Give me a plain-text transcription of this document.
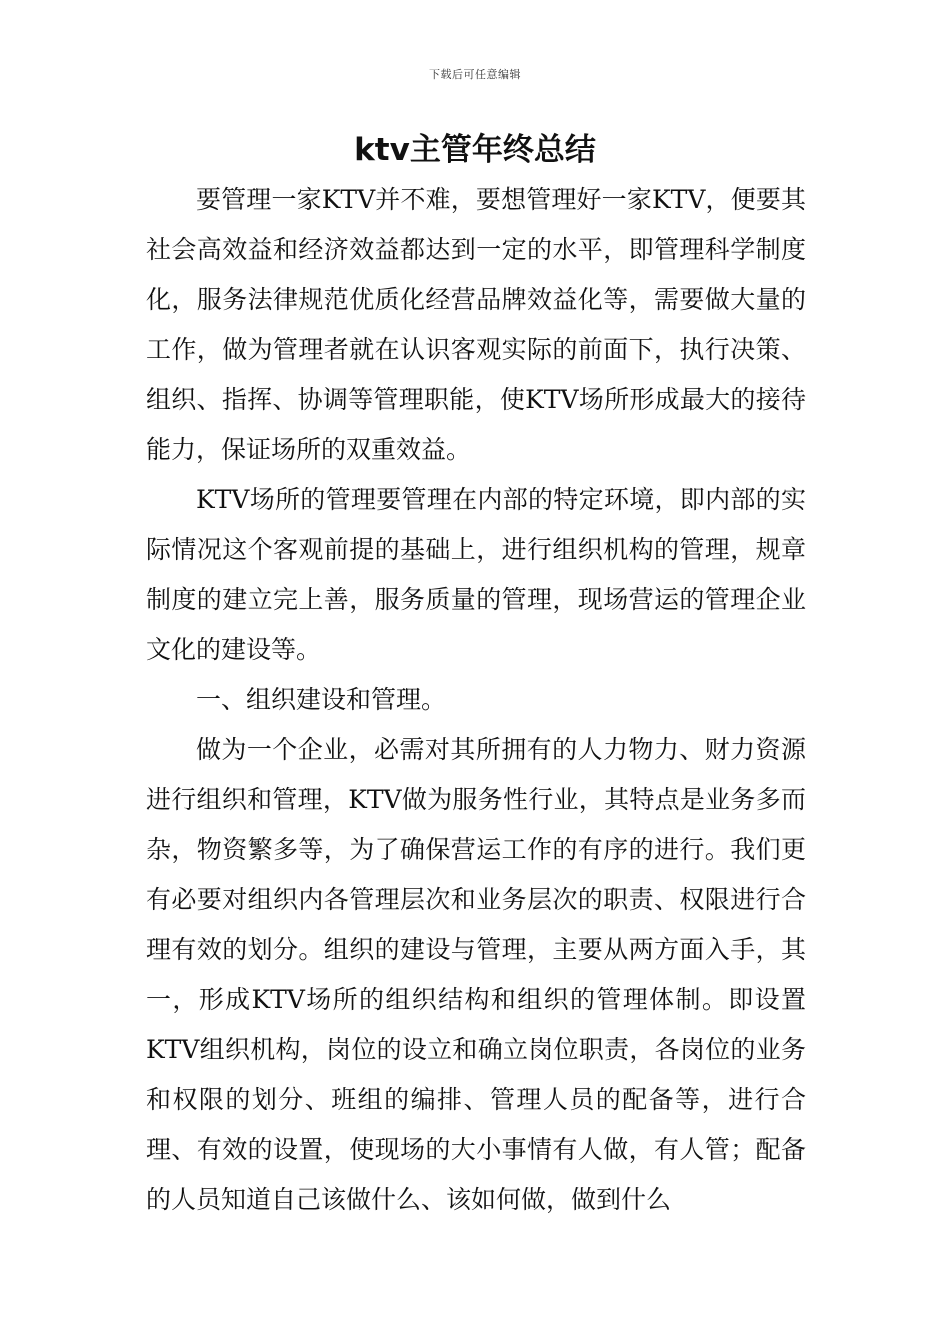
下载后可任意编辑
ktv主管年终总结

要管理一家KTV并不难，要想管理好一家KTV，便要其社会高效益和经济效益都达到一定的水平，即管理科学制度化，服务法律规范优质化经营品牌效益化等，需要做大量的工作，做为管理者就在认识客观实际的前面下，执行决策、组织、指挥、协调等管理职能，使KTV场所形成最大的接待能力，保证场所的双重效益。

KTV场所的管理要管理在内部的特定环境，即内部的实际情况这个客观前提的基础上，进行组织机构的管理，规章制度的建立完上善，服务质量的管理，现场营运的管理企业文化的建设等。

一、组织建设和管理。

做为一个企业，必需对其所拥有的人力物力、财力资源进行组织和管理，KTV做为服务性行业，其特点是业务多而杂，物资繁多等，为了确保营运工作的有序的进行。我们更有必要对组织内各管理层次和业务层次的职责、权限进行合理有效的划分。组织的建设与管理，主要从两方面入手，其一，形成KTV场所的组织结构和组织的管理体制。即设置KTV组织机构，岗位的设立和确立岗位职责，各岗位的业务和权限的划分、班组的编排、管理人员的配备等，进行合理、有效的设置，使现场的大小事情有人做，有人管；配备的人员知道自己该做什么、该如何做，做到什么
